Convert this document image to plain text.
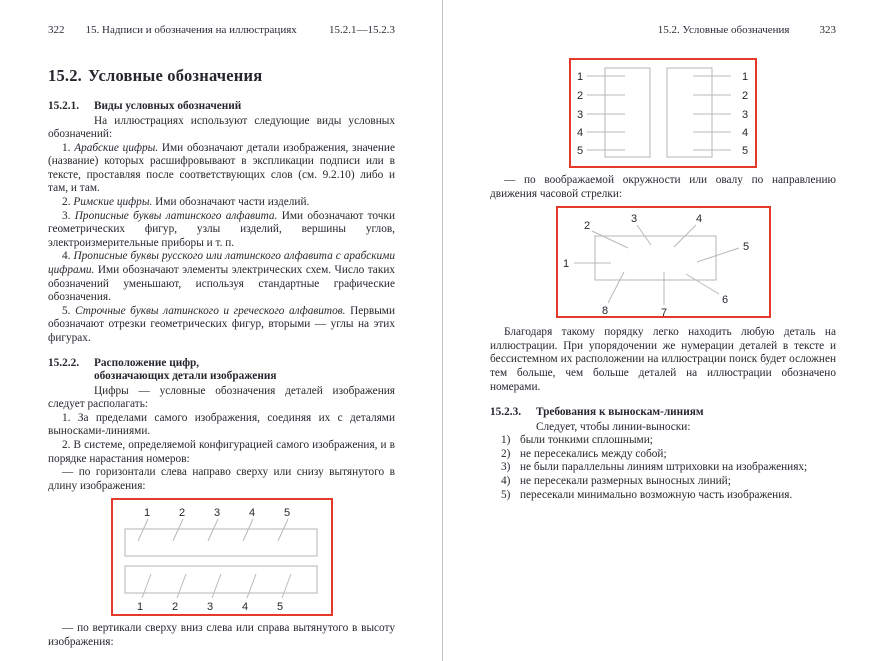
322 15. Надписи и обозначения на иллюстрациях	15.2.1—15.2.3
15.2. Условные обозначения
15.2.1.	Виды условных обозначений

На иллюстрациях используют следующие виды условных обозначений:

1. Арабские цифры. Ими обозначают детали изображения, значение (название) которых расшифровывают в экспликации подписи или в тексте, проставляя после соответствующих слов (см. 9.2.10) либо и там, и там.

2. Римские цифры. Ими обозначают части изделий.

3. Прописные буквы латинского алфавита. Ими обозначают точки геометрических фигур, узлы изделий, вершины углов, электроизмерительные приборы и т. п.

4. Прописные буквы русского или латинского алфавита с арабскими цифрами. Ими обозначают элементы электрических схем. Число таких обозначений уменьшают, используя стандартные графические обозначения.

5. Строчные буквы латинского и греческого алфавитов. Первыми обозначают отрезки геометрических фигур, вторыми — углы на этих фигурах.

15.2.2.	Расположение цифр,
обозначающих детали изображения

Цифры — условные обозначения деталей изображения следует располагать:

1. За пределами самого изображения, соединяя их с деталями выносками-линиями.

2. В системе, определяемой конфигурацией самого изображения, и в порядке нарастания номеров:

— по горизонтали слева направо сверху или снизу вытянутого в длину изображения:

1	2	3	4	5
1	2	3	4	5

— по вертикали сверху вниз слева или справа вытянутого в высоту изображения:

15.2. Условные обозначения	323
1
2
3
4
5
1
2
3
4
5

— по воображаемой окружности или овалу по направлению движения часовой стрелки:

1
2
3	4
5
6
7
8

Благодаря такому порядку легко находить любую деталь на иллюстрации. При упорядочении же нумерации деталей в тексте и бессистемном их расположении на иллюстрации поиск будет осложнен тем больше, чем больше деталей на иллюстрации обозначено номерами.

15.2.3.	Требования к выноскам-линиям

Следует, чтобы линии-выноски:

1) были тонкими сплошными;
2) не пересекались между собой;
3) не были параллельны линиям штриховки на изображениях;
4) не пересекали размерных выносных линий;
5) пересекали минимально возможную часть изображения.
